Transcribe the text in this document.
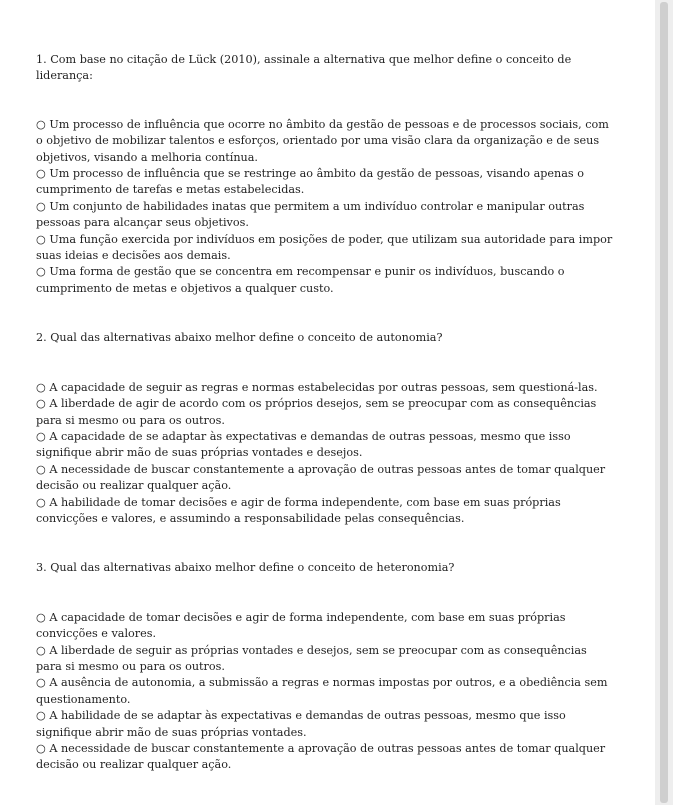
1. Com base no citação de Lück (2010), assinale a alternativa que melhor define o conceito de liderança:

○ Um processo de influência que ocorre no âmbito da gestão de pessoas e de processos sociais, com o objetivo de mobilizar talentos e esforços, orientado por uma visão clara da organização e de seus objetivos, visando a melhoria contínua.

○ Um processo de influência que se restringe ao âmbito da gestão de pessoas, visando apenas o cumprimento de tarefas e metas estabelecidas.

○ Um conjunto de habilidades inatas que permitem a um indivíduo controlar e manipular outras pessoas para alcançar seus objetivos.

○ Uma função exercida por indivíduos em posições de poder, que utilizam sua autoridade para impor suas ideias e decisões aos demais.

○ Uma forma de gestão que se concentra em recompensar e punir os indivíduos, buscando o cumprimento de metas e objetivos a qualquer custo.

2. Qual das alternativas abaixo melhor define o conceito de autonomia?

○ A capacidade de seguir as regras e normas estabelecidas por outras pessoas, sem questioná-las.

○ A liberdade de agir de acordo com os próprios desejos, sem se preocupar com as consequências para si mesmo ou para os outros.

○ A capacidade de se adaptar às expectativas e demandas de outras pessoas, mesmo que isso signifique abrir mão de suas próprias vontades e desejos.

○ A necessidade de buscar constantemente a aprovação de outras pessoas antes de tomar qualquer decisão ou realizar qualquer ação.

○ A habilidade de tomar decisões e agir de forma independente, com base em suas próprias convicções e valores, e assumindo a responsabilidade pelas consequências.

3. Qual das alternativas abaixo melhor define o conceito de heteronomia?

○ A capacidade de tomar decisões e agir de forma independente, com base em suas próprias convicções e valores.

○ A liberdade de seguir as próprias vontades e desejos, sem se preocupar com as consequências para si mesmo ou para os outros.

○ A ausência de autonomia, a submissão a regras e normas impostas por outros, e a obediência sem questionamento.

○ A habilidade de se adaptar às expectativas e demandas de outras pessoas, mesmo que isso signifique abrir mão de suas próprias vontades.

○ A necessidade de buscar constantemente a aprovação de outras pessoas antes de tomar qualquer decisão ou realizar qualquer ação.
